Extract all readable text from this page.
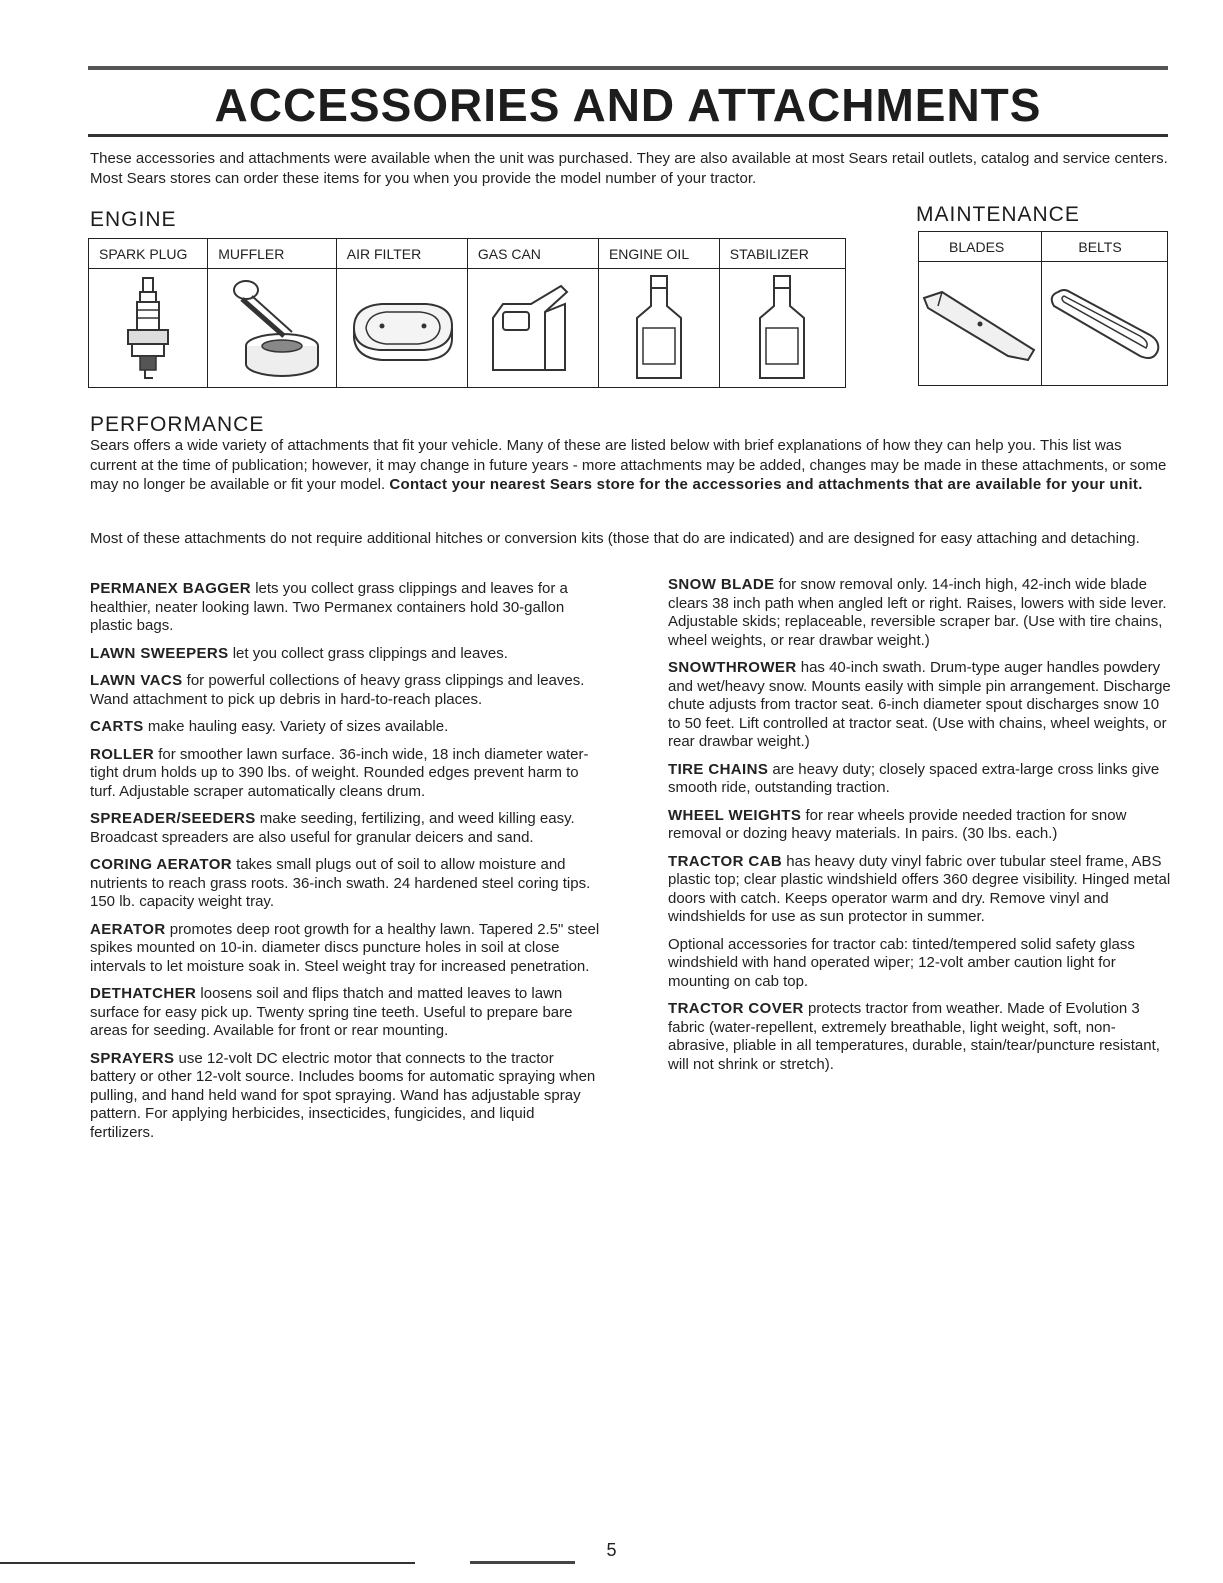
ACCESSORIES AND ATTACHMENTS

These accessories and attachments were available when the unit was purchased. They are also available at most Sears retail outlets, catalog and service centers. Most Sears stores can order these items for you when you provide the model number of your tractor.

ENGINE	MAINTENANCE
SPARK PLUG	MUFFLER	AIR FILTER	GAS CAN	ENGINE OIL	STABILIZER

		BLADES	BELTS

PERFORMANCE

Sears offers a wide variety of attachments that fit your vehicle. Many of these are listed below with brief explanations of how they can help you. This list was current at the time of publication; however, it may change in future years - more attachments may be added, changes may be made in these attachments, or some may no longer be available or fit your model. Contact your nearest Sears store for the accessories and attachments that are available for your unit.

Most of these attachments do not require additional hitches or conversion kits (those that do are indicated) and are designed for easy attaching and detaching.

PERMANEX BAGGER lets you collect grass clippings and leaves for a healthier, neater looking lawn. Two Permanex containers hold 30-gallon plastic bags.

LAWN SWEEPERS let you collect grass clippings and leaves.

LAWN VACS for powerful collections of heavy grass clippings and leaves. Wand attachment to pick up debris in hard-to-reach places.

CARTS make hauling easy. Variety of sizes available.

ROLLER for smoother lawn surface. 36-inch wide, 18 inch diameter water-tight drum holds up to 390 lbs. of weight. Rounded edges prevent harm to turf. Adjustable scraper automatically cleans drum.

SPREADER/SEEDERS make seeding, fertilizing, and weed killing easy. Broadcast spreaders are also useful for granular deicers and sand.

CORING AERATOR takes small plugs out of soil to allow moisture and nutrients to reach grass roots. 36-inch swath. 24 hardened steel coring tips. 150 lb. capacity weight tray.

AERATOR promotes deep root growth for a healthy lawn. Tapered 2.5" steel spikes mounted on 10-in. diameter discs puncture holes in soil at close intervals to let moisture soak in. Steel weight tray for increased penetration.

DETHATCHER loosens soil and flips thatch and matted leaves to lawn surface for easy pick up. Twenty spring tine teeth. Useful to prepare bare areas for seeding. Available for front or rear mounting.

SPRAYERS use 12-volt DC electric motor that connects to the tractor battery or other 12-volt source. Includes booms for automatic spraying when pulling, and hand held wand for spot spraying. Wand has adjustable spray pattern. For applying herbicides, insecticides, fungicides, and liquid fertilizers.

SNOW BLADE for snow removal only. 14-inch high, 42-inch wide blade clears 38 inch path when angled left or right. Raises, lowers with side lever. Adjustable skids; replaceable, reversible scraper bar. (Use with tire chains, wheel weights, or rear drawbar weight.)

SNOWTHROWER has 40-inch swath. Drum-type auger handles powdery and wet/heavy snow. Mounts easily with simple pin arrangement. Discharge chute adjusts from tractor seat. 6-inch diameter spout discharges snow 10 to 50 feet. Lift controlled at tractor seat. (Use with chains, wheel weights, or rear drawbar weight.)

TIRE CHAINS are heavy duty; closely spaced extra-large cross links give smooth ride, outstanding traction.

WHEEL WEIGHTS for rear wheels provide needed traction for snow removal or dozing heavy materials. In pairs. (30 lbs. each.)

TRACTOR CAB has heavy duty vinyl fabric over tubular steel frame, ABS plastic top; clear plastic windshield offers 360 degree visibility. Hinged metal doors with catch. Keeps operator warm and dry. Remove vinyl and windshields for use as sun protector in summer.

Optional accessories for tractor cab: tinted/tempered solid safety glass windshield with hand operated wiper; 12-volt amber caution light for mounting on cab top.

TRACTOR COVER protects tractor from weather. Made of Evolution 3 fabric (water-repellent, extremely breathable, light weight, soft, non-abrasive, pliable in all temperatures, durable, stain/tear/puncture resistant, will not shrink or stretch).

5
